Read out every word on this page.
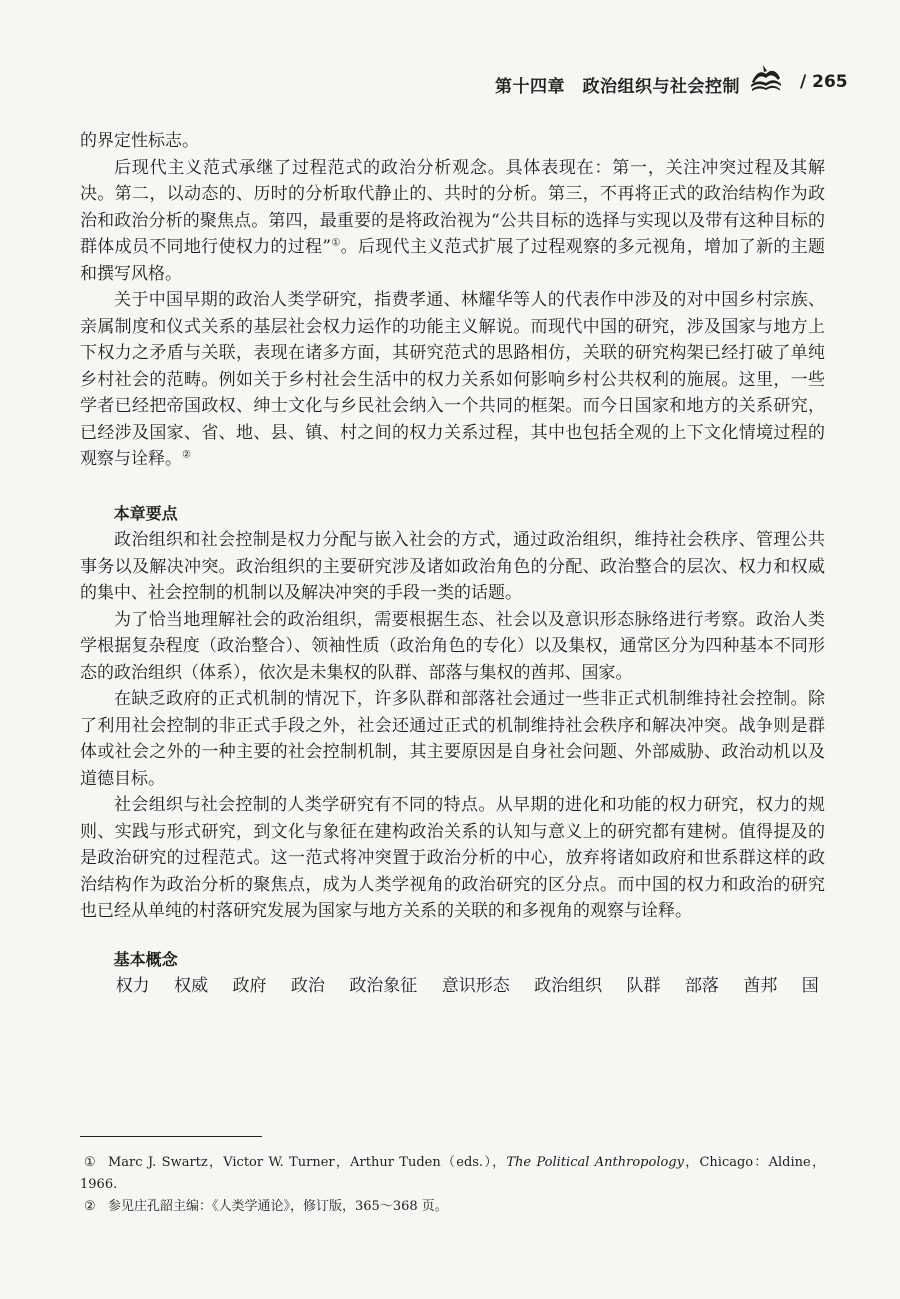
第十四章　政治组织与社会控制	/ 265

的界定性标志。

后现代主义范式承继了过程范式的政治分析观念。具体表现在：第一，关注冲突过程及其解决。第二，以动态的、历时的分析取代静止的、共时的分析。第三，不再将正式的政治结构作为政治和政治分析的聚焦点。第四，最重要的是将政治视为“公共目标的选择与实现以及带有这种目标的群体成员不同地行使权力的过程”①。后现代主义范式扩展了过程观察的多元视角，增加了新的主题和撰写风格。

关于中国早期的政治人类学研究，指费孝通、林耀华等人的代表作中涉及的对中国乡村宗族、亲属制度和仪式关系的基层社会权力运作的功能主义解说。而现代中国的研究，涉及国家与地方上下权力之矛盾与关联，表现在诸多方面，其研究范式的思路相仿，关联的研究构架已经打破了单纯乡村社会的范畴。例如关于乡村社会生活中的权力关系如何影响乡村公共权利的施展。这里，一些学者已经把帝国政权、绅士文化与乡民社会纳入一个共同的框架。而今日国家和地方的关系研究，已经涉及国家、省、地、县、镇、村之间的权力关系过程，其中也包括全观的上下文化情境过程的观察与诠释。②

本章要点

政治组织和社会控制是权力分配与嵌入社会的方式，通过政治组织，维持社会秩序、管理公共事务以及解决冲突。政治组织的主要研究涉及诸如政治角色的分配、政治整合的层次、权力和权威的集中、社会控制的机制以及解决冲突的手段一类的话题。

为了恰当地理解社会的政治组织，需要根据生态、社会以及意识形态脉络进行考察。政治人类学根据复杂程度（政治整合）、领袖性质（政治角色的专化）以及集权，通常区分为四种基本不同形态的政治组织（体系），依次是未集权的队群、部落与集权的酋邦、国家。

在缺乏政府的正式机制的情况下，许多队群和部落社会通过一些非正式机制维持社会控制。除了利用社会控制的非正式手段之外，社会还通过正式的机制维持社会秩序和解决冲突。战争则是群体或社会之外的一种主要的社会控制机制，其主要原因是自身社会问题、外部威胁、政治动机以及道德目标。

社会组织与社会控制的人类学研究有不同的特点。从早期的进化和功能的权力研究，权力的规则、实践与形式研究，到文化与象征在建构政治关系的认知与意义上的研究都有建树。值得提及的是政治研究的过程范式。这一范式将冲突置于政治分析的中心，放弃将诸如政府和世系群这样的政治结构作为政治分析的聚焦点，成为人类学视角的政治研究的区分点。而中国的权力和政治的研究也已经从单纯的村落研究发展为国家与地方关系的关联的和多视角的观察与诠释。

基本概念
权力 权威 政府 政治 政治象征 意识形态 政治组织 队群 部落 酋邦 国

① Marc J. Swartz，Victor W. Turner，Arthur Tuden（eds.），The Political Anthropology，Chicago：Aldine，1966.

② 参见庄孔韶主编：《人类学通论》，修订版，365～368 页。
